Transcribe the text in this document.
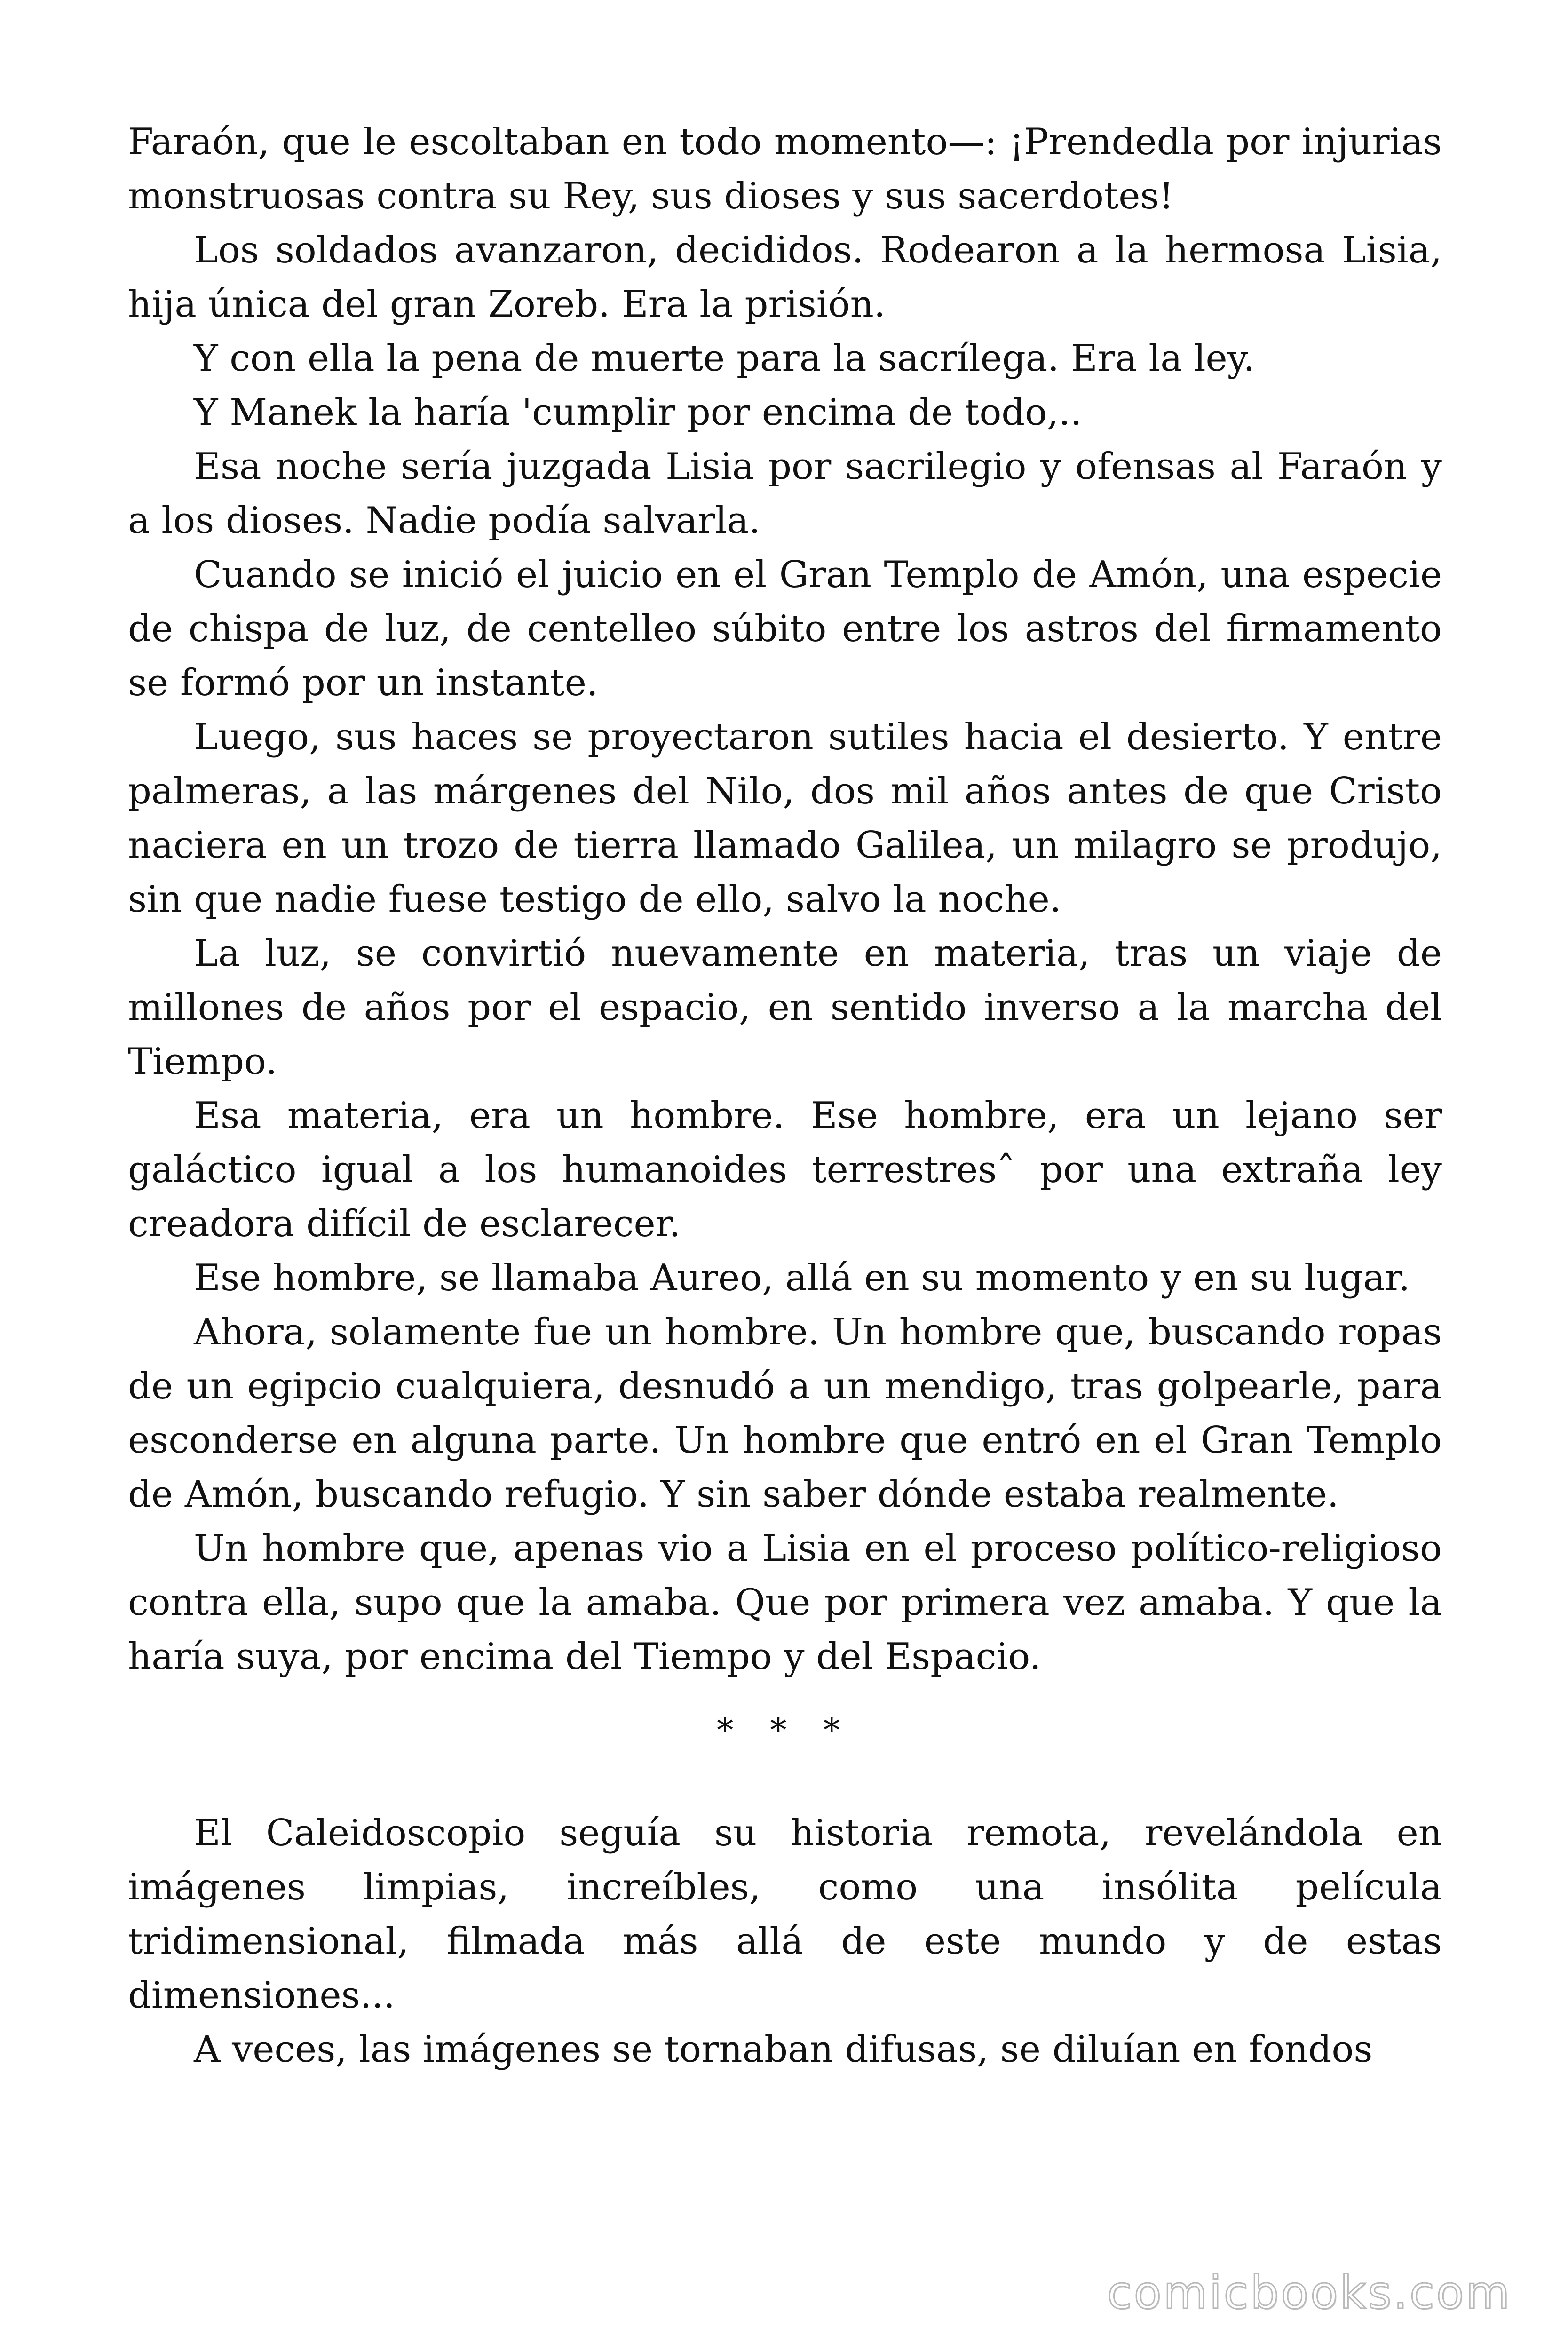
Faraón, que le escoltaban en todo momento—: ¡Prendedla por injurias monstruosas contra su Rey, sus dioses y sus sacerdotes!

Los soldados avanzaron, decididos. Rodearon a la hermosa Lisia, hija única del gran Zoreb. Era la prisión.

Y con ella la pena de muerte para la sacrílega. Era la ley.

Y Manek la haría 'cumplir por encima de todo,..

Esa noche sería juzgada Lisia por sacrilegio y ofensas al Faraón y a los dioses. Nadie podía salvarla.

Cuando se inició el juicio en el Gran Templo de Amón, una especie de chispa de luz, de centelleo súbito entre los astros del firmamento se formó por un instante.

Luego, sus haces se proyectaron sutiles hacia el desierto. Y entre palmeras, a las márgenes del Nilo, dos mil años antes de que Cristo naciera en un trozo de tierra llamado Galilea, un milagro se produjo, sin que nadie fuese testigo de ello, salvo la noche.

La luz, se convirtió nuevamente en materia, tras un viaje de millones de años por el espacio, en sentido inverso a la marcha del Tiempo.

Esa materia, era un hombre. Ese hombre, era un lejano ser galáctico igual a los humanoides terrestresˆ por una extraña ley creadora difícil de esclarecer.

Ese hombre, se llamaba Aureo, allá en su momento y en su lugar.

Ahora, solamente fue un hombre. Un hombre que, buscando ropas de un egipcio cualquiera, desnudó a un mendigo, tras golpearle, para esconderse en alguna parte. Un hombre que entró en el Gran Templo de Amón, buscando refugio. Y sin saber dónde estaba realmente.

Un hombre que, apenas vio a Lisia en el proceso político-religioso contra ella, supo que la amaba. Que por primera vez amaba. Y que la haría suya, por encima del Tiempo y del Espacio.

* * *

El Caleidoscopio seguía su historia remota, revelándola en imágenes limpias, increíbles, como una insólita película tridimensional, filmada más allá de este mundo y de estas dimensiones...

A veces, las imágenes se tornaban difusas, se diluían en fondos

comicbooks.com
